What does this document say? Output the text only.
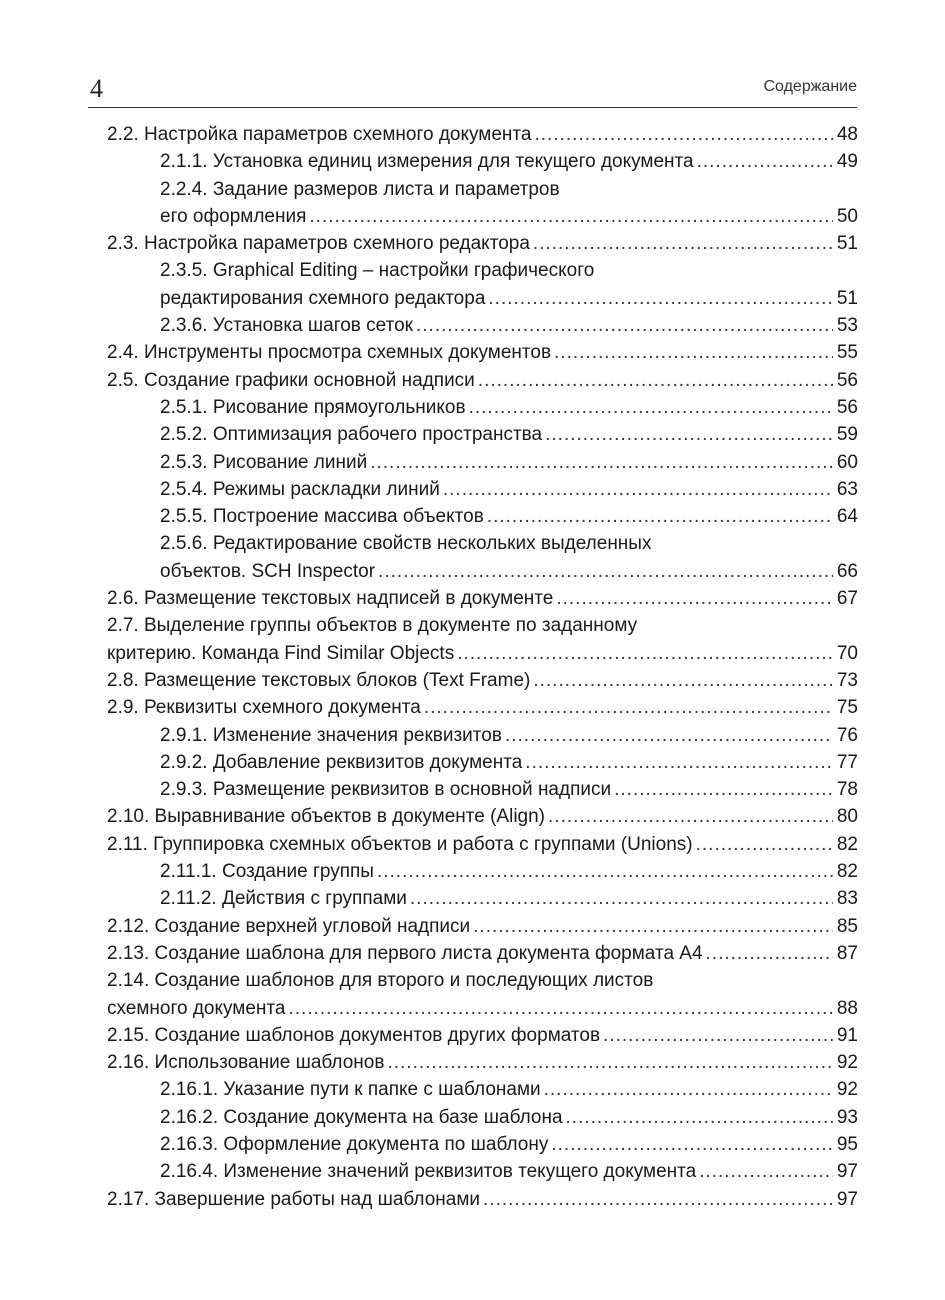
4	Содержание
2.2. Настройка параметров схемного документа .....	48
2.1.1. Установка единиц измерения для текущего документа .....	49
2.2.4. Задание размеров листа и параметров
его оформления .....	50
2.3. Настройка параметров схемного редактора .....	51
2.3.5. Graphical Editing – настройки графического
редактирования схемного редактора .....	51
2.3.6. Установка шагов сеток .....	53
2.4. Инструменты просмотра схемных документов .....	55
2.5. Создание графики основной надписи .....	56
2.5.1. Рисование прямоугольников .....	56
2.5.2. Оптимизация рабочего пространства .....	59
2.5.3. Рисование линий .....	60
2.5.4. Режимы раскладки линий .....	63
2.5.5. Построение массива объектов .....	64
2.5.6. Редактирование свойств нескольких выделенных
объектов. SCH Inspector .....	66
2.6. Размещение текстовых надписей в документе .....	67
2.7. Выделение группы объектов в документе по заданному
критерию. Команда Find Similar Objects .....	70
2.8. Размещение текстовых блоков (Text Frame) .....	73
2.9. Реквизиты схемного документа .....	75
2.9.1. Изменение значения реквизитов .....	76
2.9.2. Добавление реквизитов документа .....	77
2.9.3. Размещение реквизитов в основной надписи .....	78
2.10. Выравнивание объектов в документе (Align) .....	80
2.11. Группировка схемных объектов и работа с группами (Unions) .....	82
2.11.1. Создание группы .....	82
2.11.2. Действия с группами .....	83
2.12. Создание верхней угловой надписи .....	85
2.13. Создание шаблона для первого листа документа формата А4 .....	87
2.14. Создание шаблонов для второго и последующих листов
схемного документа .....	88
2.15. Создание шаблонов документов других форматов .....	91
2.16. Использование шаблонов .....	92
2.16.1. Указание пути к папке с шаблонами .....	92
2.16.2. Создание документа на базе шаблона .....	93
2.16.3. Оформление документа по шаблону .....	95
2.16.4. Изменение значений реквизитов текущего документа .....	97
2.17. Завершение работы над шаблонами .....	97
